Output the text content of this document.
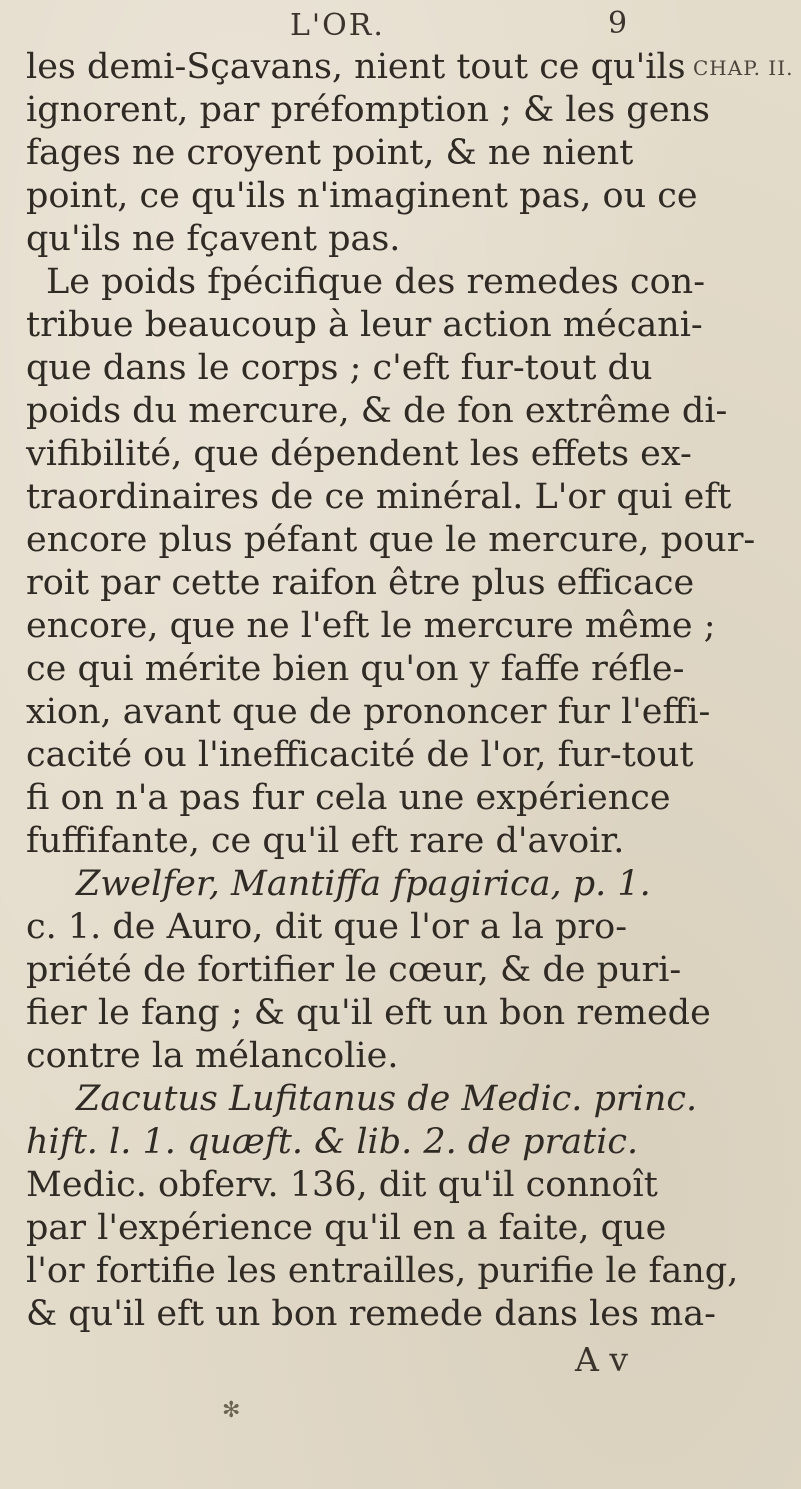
L'OR.	9
CHAP. II.
les demi-Sçavans, nient tout ce qu'ils
ignorent, par préfomption ; & les gens
fages ne croyent point, & ne nient
point, ce qu'ils n'imaginent pas, ou ce
qu'ils ne fçavent pas.
Le poids fpécifique des remedes con-
tribue beaucoup à leur action mécani-
que dans le corps ; c'eft fur-tout du
poids du mercure, & de fon extrême di-
vifibilité, que dépendent les effets ex-
traordinaires de ce minéral. L'or qui eft
encore plus péfant que le mercure, pour-
roit par cette raifon être plus efficace
encore, que ne l'eft le mercure même ;
ce qui mérite bien qu'on y faffe réfle-
xion, avant que de prononcer fur l'effi-
cacité ou l'inefficacité de l'or, fur-tout
fi on n'a pas fur cela une expérience
fuffifante, ce qu'il eft rare d'avoir.
Zwelfer, Mantiffa fpagirica, p. 1.
c. 1. de Auro, dit que l'or a la pro-
priété de fortifier le cœur, & de puri-
fier le fang ; & qu'il eft un bon remede
contre la mélancolie.
Zacutus Lufitanus de Medic. princ.
hift. l. 1. quæft. & lib. 2. de pratic.
Medic. obferv. 136, dit qu'il connoît
par l'expérience qu'il en a faite, que
l'or fortifie les entrailles, purifie le fang,
& qu'il eft un bon remede dans les ma-
A v
✻
